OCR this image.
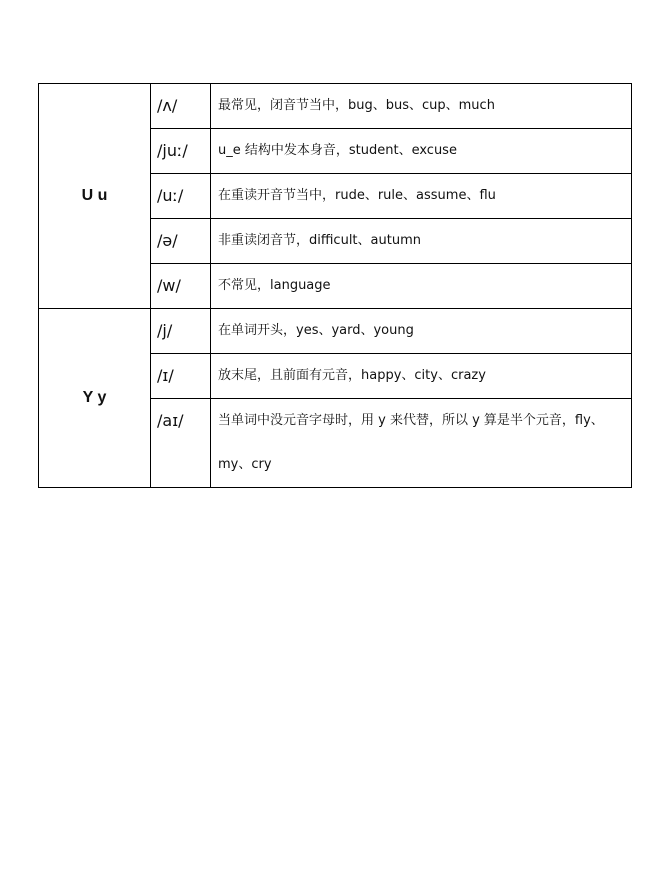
U u	/ʌ/	最常见，闭音节当中，bug、bus、cup、much
	/juː/	u_e 结构中发本身音，student、excuse
	/uː/	在重读开音节当中，rude、rule、assume、flu
	/ə/	非重读闭音节，difficult、autumn
	/w/	不常见，language
Y y	/j/	在单词开头，yes、yard、young
	/ɪ/	放末尾，且前面有元音，happy、city、crazy
	/aɪ/	当单词中没元音字母时，用 y 来代替，所以 y 算是半个元音，fly、my、cry
